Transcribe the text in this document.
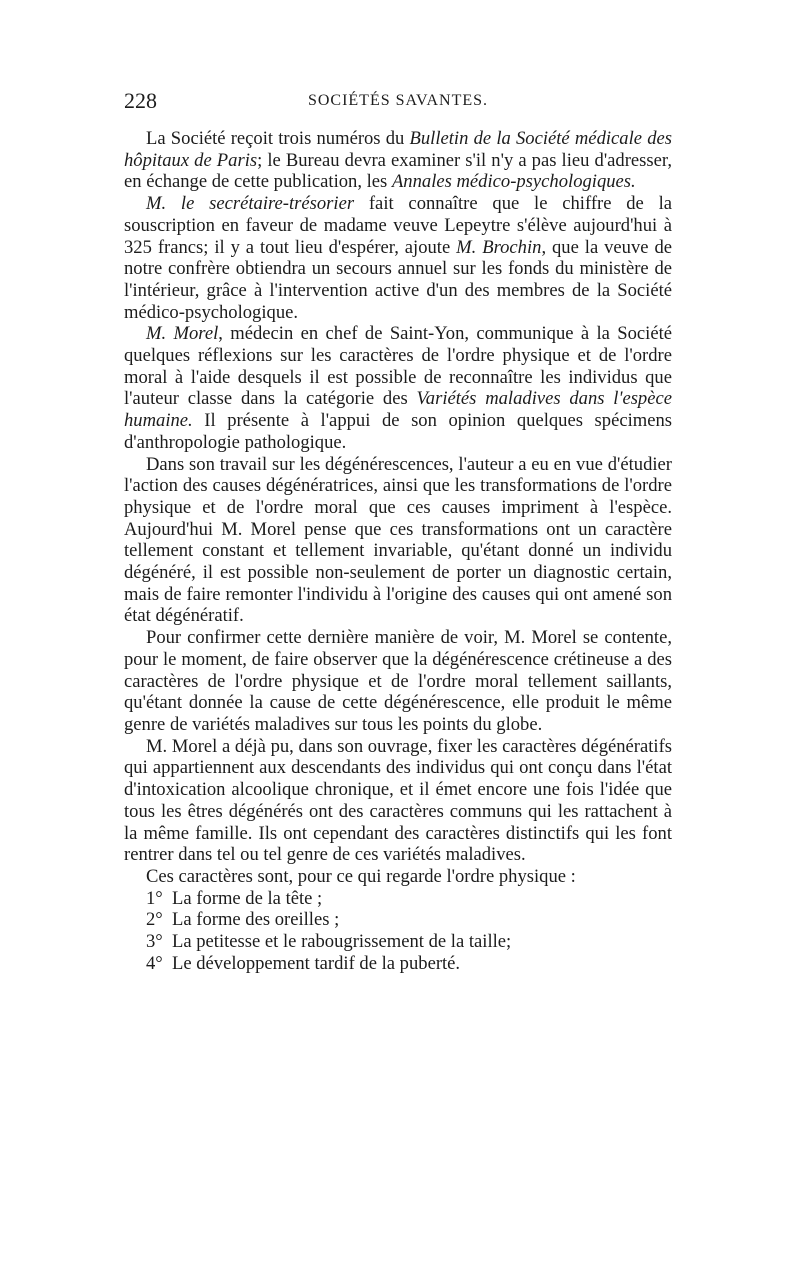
228	SOCIÉTÉS SAVANTES.

La Société reçoit trois numéros du Bulletin de la Société médicale des hôpitaux de Paris; le Bureau devra examiner s'il n'y a pas lieu d'adresser, en échange de cette publication, les Annales médico-psychologiques.

M. le secrétaire-trésorier fait connaître que le chiffre de la souscription en faveur de madame veuve Lepeytre s'élève aujourd'hui à 325 francs; il y a tout lieu d'espérer, ajoute M. Brochin, que la veuve de notre confrère obtiendra un secours annuel sur les fonds du ministère de l'intérieur, grâce à l'intervention active d'un des membres de la Société médico-psychologique.

M. Morel, médecin en chef de Saint-Yon, communique à la Société quelques réflexions sur les caractères de l'ordre physique et de l'ordre moral à l'aide desquels il est possible de reconnaître les individus que l'auteur classe dans la catégorie des Variétés maladives dans l'espèce humaine. Il présente à l'appui de son opinion quelques spécimens d'anthropologie pathologique.

Dans son travail sur les dégénérescences, l'auteur a eu en vue d'étudier l'action des causes dégénératrices, ainsi que les transformations de l'ordre physique et de l'ordre moral que ces causes impriment à l'espèce. Aujourd'hui M. Morel pense que ces transformations ont un caractère tellement constant et tellement invariable, qu'étant donné un individu dégénéré, il est possible non-seulement de porter un diagnostic certain, mais de faire remonter l'individu à l'origine des causes qui ont amené son état dégénératif.

Pour confirmer cette dernière manière de voir, M. Morel se contente, pour le moment, de faire observer que la dégénérescence crétineuse a des caractères de l'ordre physique et de l'ordre moral tellement saillants, qu'étant donnée la cause de cette dégénérescence, elle produit le même genre de variétés maladives sur tous les points du globe.

M. Morel a déjà pu, dans son ouvrage, fixer les caractères dégénératifs qui appartiennent aux descendants des individus qui ont conçu dans l'état d'intoxication alcoolique chronique, et il émet encore une fois l'idée que tous les êtres dégénérés ont des caractères communs qui les rattachent à la même famille. Ils ont cependant des caractères distinctifs qui les font rentrer dans tel ou tel genre de ces variétés maladives.

Ces caractères sont, pour ce qui regarde l'ordre physique :

1° La forme de la tête ;

2° La forme des oreilles ;

3° La petitesse et le rabougrissement de la taille;

4° Le développement tardif de la puberté.
